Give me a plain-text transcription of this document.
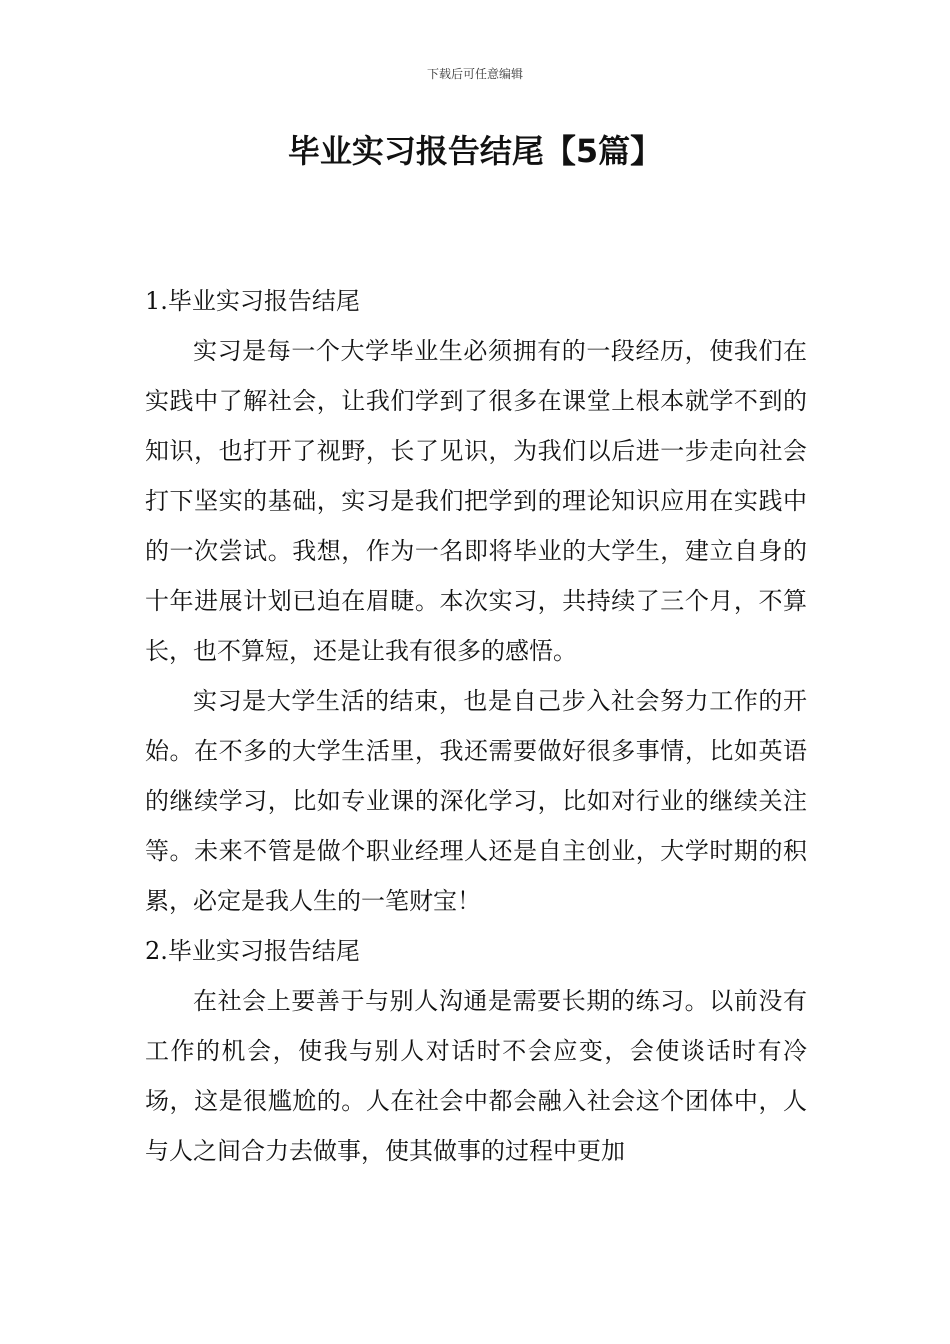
下载后可任意编辑
毕业实习报告结尾【5篇】
1.毕业实习报告结尾

实习是每一个大学毕业生必须拥有的一段经历，使我们在实践中了解社会，让我们学到了很多在课堂上根本就学不到的知识，也打开了视野，长了见识，为我们以后进一步走向社会打下坚实的基础，实习是我们把学到的理论知识应用在实践中的一次尝试。我想，作为一名即将毕业的大学生，建立自身的十年进展计划已迫在眉睫。本次实习，共持续了三个月，不算长，也不算短，还是让我有很多的感悟。

实习是大学生活的结束，也是自己步入社会努力工作的开始。在不多的大学生活里，我还需要做好很多事情，比如英语的继续学习，比如专业课的深化学习，比如对行业的继续关注等。未来不管是做个职业经理人还是自主创业，大学时期的积累，必定是我人生的一笔财宝！

2.毕业实习报告结尾

在社会上要善于与别人沟通是需要长期的练习。以前没有工作的机会，使我与别人对话时不会应变，会使谈话时有冷场，这是很尴尬的。人在社会中都会融入社会这个团体中，人与人之间合力去做事，使其做事的过程中更加
